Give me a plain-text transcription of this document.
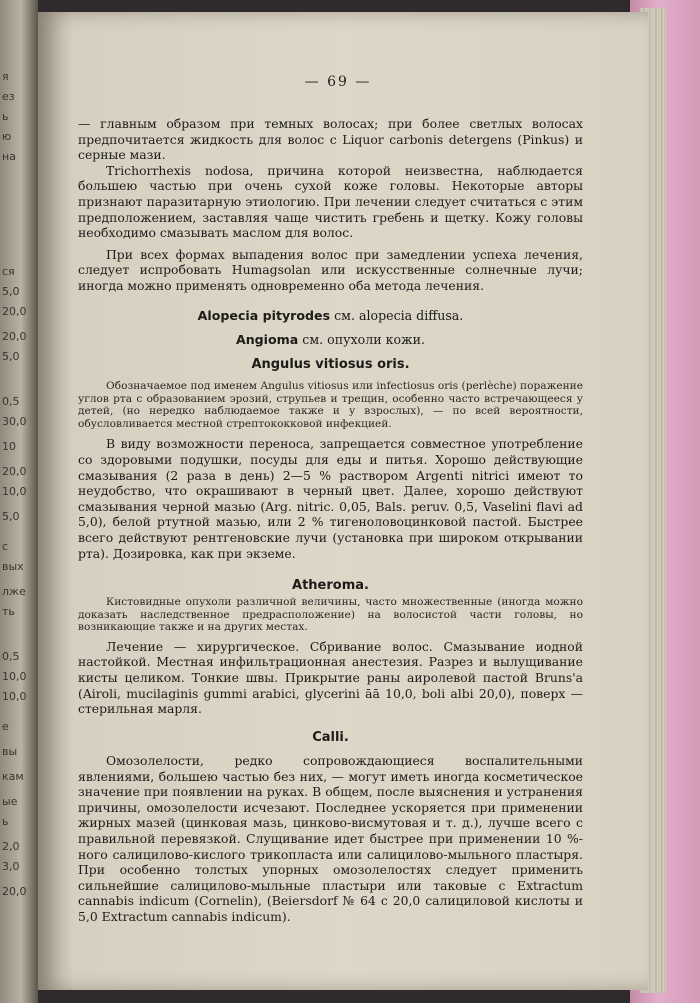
я
ез
ь
ю
на
ся
5,0
20,0
20,0
5,0
0,5
30,0
10
20,0
10,0
5,0
с
вых
лже
ть
0,5
10,0
10,0
е
вы
кам
ые
ь
2,0
3,0
20,0
— 69 —

— главным образом при темных волосах; при более светлых волосах предпочитается жидкость для волос с Liquor carbonis detergens (Pinkus) и серные мази.

Trichorrhexis nodosa, причина которой неизвестна, наблюдается большею частью при очень сухой коже головы. Некоторые авторы признают паразитарную этиологию. При лечении следует считаться с этим предположением, заставляя чаще чистить гребень и щетку. Кожу головы необходимо смазывать маслом для волос.

При всех формах выпадения волос при замедлении успеха лечения, следует испробовать Humagsolan или искусственные солнечные лучи; иногда можно применять одновременно оба метода лечения.

Alopecia pityrodes см. alopecia diffusa.
Angioma см. опухоли кожи.
Angulus vitiosus oris.

Обозначаемое под именем Angulus vitiosus или infectiosus oris (perlèche) поражение углов рта с образованием эрозий, струпьев и трещин, особенно часто встречающееся у детей, (но нередко наблюдаемое также и у взрослых), — по всей вероятности, обусловливается местной стрептококковой инфекцией.

В виду возможности переноса, запрещается совместное употребление со здоровыми подушки, посуды для еды и питья. Хорошо действующие смазывания (2 раза в день) 2—5 % раствором Argenti nitrici имеют то неудобство, что окрашивают в черный цвет. Далее, хорошо действуют смазывания черной мазью (Arg. nitric. 0,05, Bals. peruv. 0,5, Vaselini flavi ad 5,0), белой ртутной мазью, или 2 % тигеноловоцинковой пастой. Быстрее всего действуют рентгеновские лучи (установка при широком открывании рта). Дозировка, как при экземе.

Atheroma.

Кистовидные опухоли различной величины, часто множественные (иногда можно доказать наследственное предрасположение) на волосистой части головы, но возникающие также и на других местах.

Лечение — хирургическое. Сбривание волос. Смазывание иодной настойкой. Местная инфильтрационная анестезия. Разрез и вылущивание кисты целиком. Тонкие швы. Прикрытие раны аиролевой пастой Bruns'а (Airoli, mucilaginis gummi arabici, glycerini āā 10,0, boli albi 20,0), поверх — стерильная марля.

Calli.

Омозолелости, редко сопровождающиеся воспалительными явлениями, большею частью без них, — могут иметь иногда косметическое значение при появлении на руках. В общем, после выяснения и устранения причины, омозолелости исчезают. Последнее ускоряется при применении жирных мазей (цинковая мазь, цинково-висмутовая и т. д.), лучше всего с правильной перевязкой. Слущивание идет быстрее при применении 10 %-ного салицилово-кислого трикопласта или салицилово-мыльного пластыря. При особенно толстых упорных омозолелостях следует применить сильнейшие салицилово-мыльные пластыри или таковые с Extractum cannabis indicum (Cornelin), (Beiersdorf № 64 с 20,0 салициловой кислоты и 5,0 Extractum cannabis indicum).
